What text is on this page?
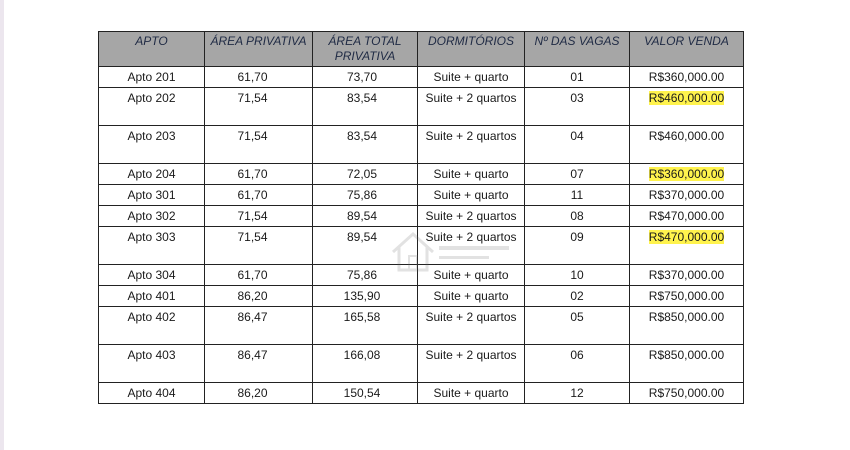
APTO	ÁREA PRIVATIVA	ÁREA TOTAL PRIVATIVA	DORMITÓRIOS	Nº DAS VAGAS	VALOR VENDA
Apto 201	61,70	73,70	Suite + quarto	01	R$360,000.00
Apto 202	71,54	83,54	Suite + 2 quartos	03	R$460,000.00
Apto 203	71,54	83,54	Suite + 2 quartos	04	R$460,000.00
Apto 204	61,70	72,05	Suite + quarto	07	R$360,000.00
Apto 301	61,70	75,86	Suite + quarto	11	R$370,000.00
Apto 302	71,54	89,54	Suite + 2 quartos	08	R$470,000.00
Apto 303	71,54	89,54	Suite + 2 quartos	09	R$470,000.00
Apto 304	61,70	75,86	Suite + quarto	10	R$370,000.00
Apto 401	86,20	135,90	Suite + quarto	02	R$750,000.00
Apto 402	86,47	165,58	Suite + 2 quartos	05	R$850,000.00
Apto 403	86,47	166,08	Suite + 2 quartos	06	R$850,000.00
Apto 404	86,20	150,54	Suite + quarto	12	R$750,000.00
